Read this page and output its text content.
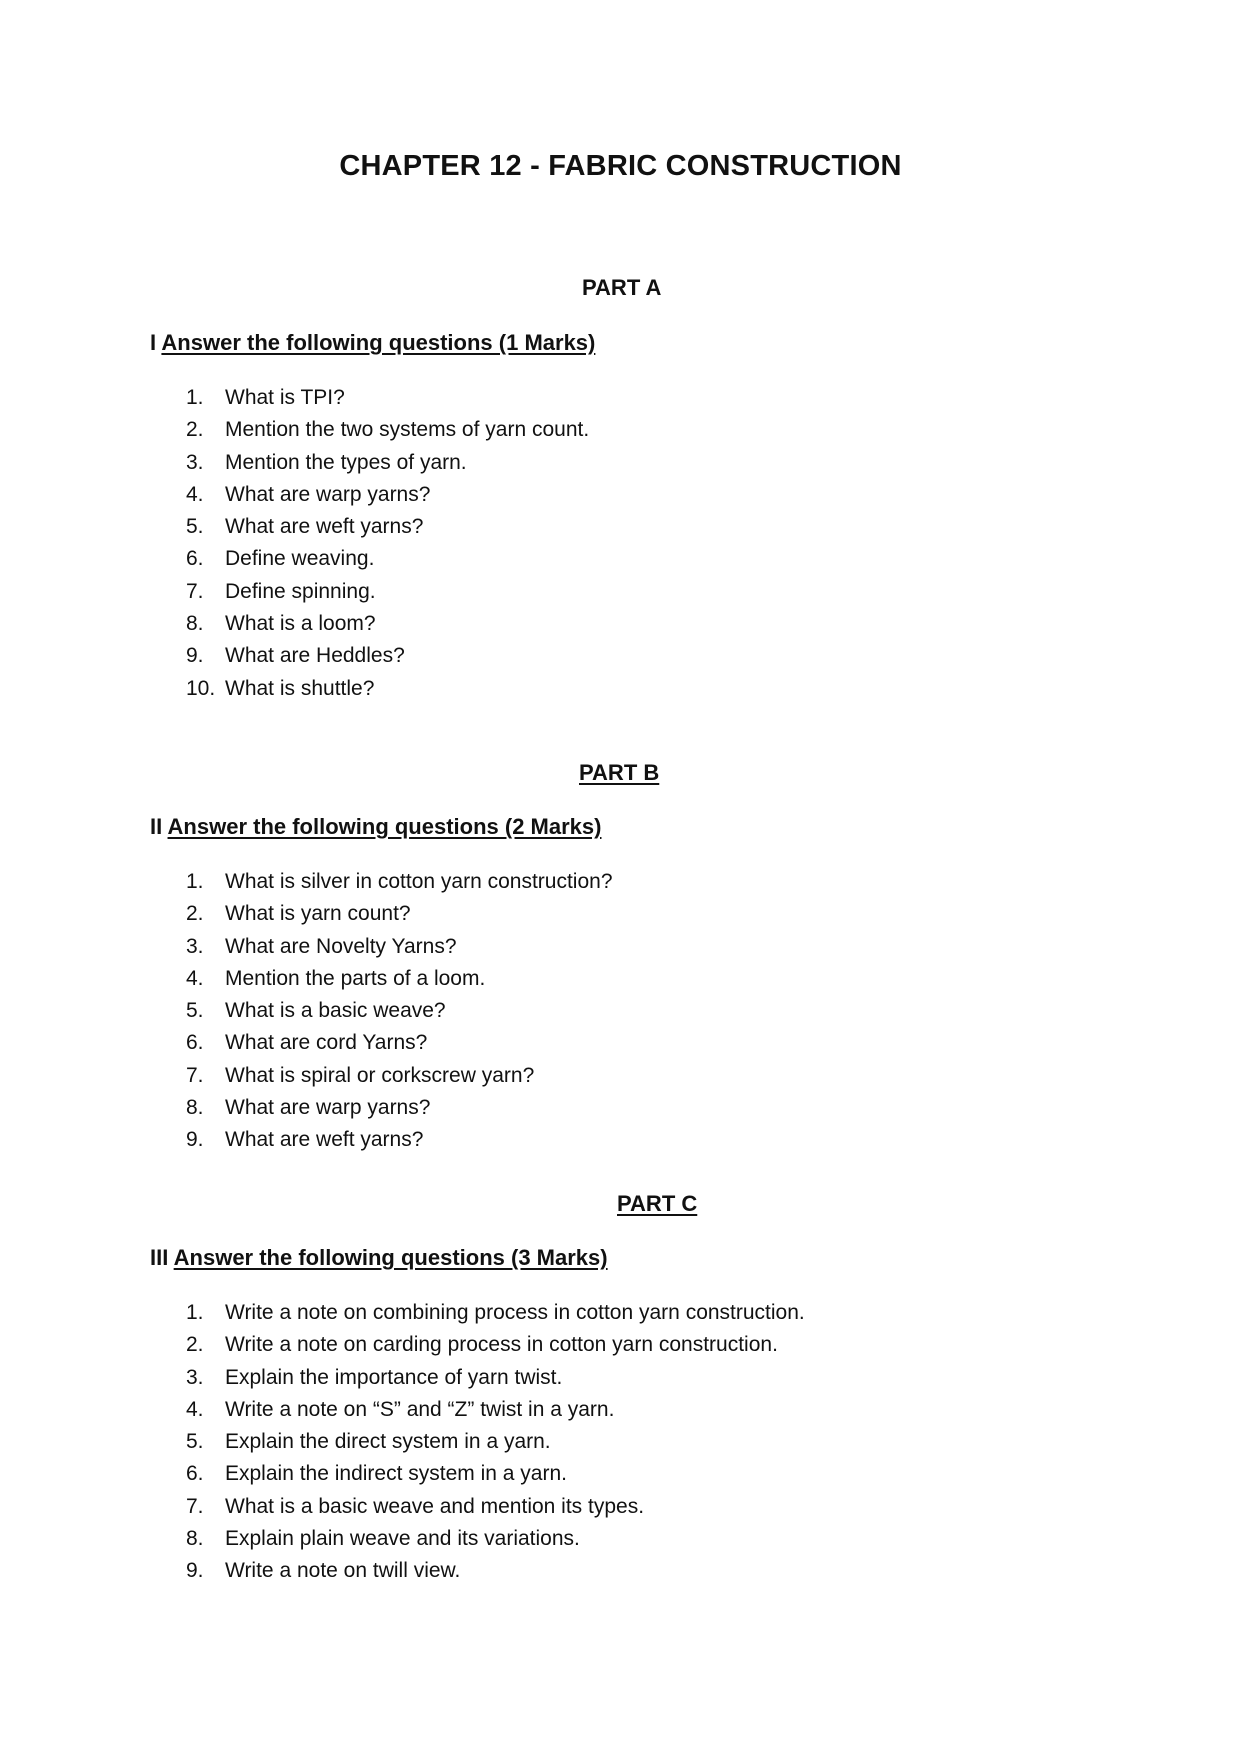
CHAPTER 12 - FABRIC CONSTRUCTION
PART A
I Answer the following questions (1 Marks)
1. What is TPI?
2. Mention the two systems of yarn count.
3. Mention the types of yarn.
4. What are warp yarns?
5. What are weft yarns?
6. Define weaving.
7. Define spinning.
8. What is a loom?
9. What are Heddles?
10. What is shuttle?
PART B
II Answer the following questions (2 Marks)
1. What is silver in cotton yarn construction?
2. What is yarn count?
3. What are Novelty Yarns?
4. Mention the parts of a loom.
5. What is a basic weave?
6. What are cord Yarns?
7. What is spiral or corkscrew yarn?
8. What are warp yarns?
9. What are weft yarns?
PART C
III Answer the following questions (3 Marks)
1. Write a note on combining process in cotton yarn construction.
2. Write a note on carding process in cotton yarn construction.
3. Explain the importance of yarn twist.
4. Write a note on “S” and “Z” twist in a yarn.
5. Explain the direct system in a yarn.
6. Explain the indirect system in a yarn.
7. What is a basic weave and mention its types.
8. Explain plain weave and its variations.
9. Write a note on twill view.
